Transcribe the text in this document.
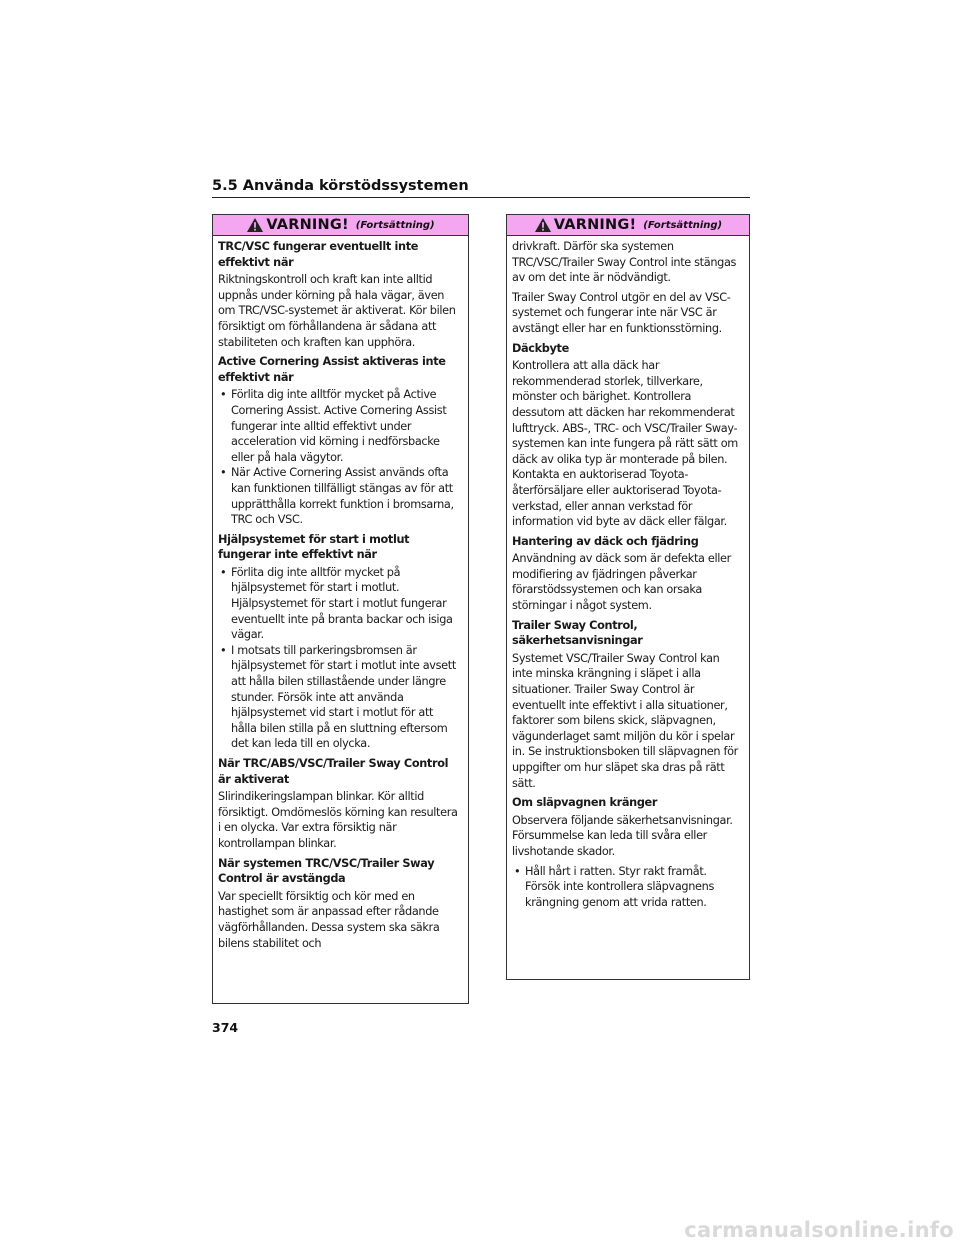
5.5 Använda körstödssystemen
VARNING! (Fortsättning)
TRC/VSC fungerar eventuellt inte effektivt när

Riktningskontroll och kraft kan inte alltid uppnås under körning på hala vägar, även om TRC/VSC-systemet är aktiverat. Kör bilen försiktigt om förhållandena är sådana att stabiliteten och kraften kan upphöra.

Active Cornering Assist aktiveras inte effektivt när
• Förlita dig inte alltför mycket på Active Cornering Assist. Active Cornering Assist fungerar inte alltid effektivt under acceleration vid körning i nedförsbacke eller på hala vägytor.
• När Active Cornering Assist används ofta kan funktionen tillfälligt stängas av för att upprätthålla korrekt funktion i bromsarna, TRC och VSC.
Hjälpsystemet för start i motlut fungerar inte effektivt när
• Förlita dig inte alltför mycket på hjälpsystemet för start i motlut. Hjälpsystemet för start i motlut fungerar eventuellt inte på branta backar och isiga vägar.
• I motsats till parkeringsbromsen är hjälpsystemet för start i motlut inte avsett att hålla bilen stillastående under längre stunder. Försök inte att använda hjälpsystemet vid start i motlut för att hålla bilen stilla på en sluttning eftersom det kan leda till en olycka.
När TRC/ABS/VSC/Trailer Sway Control är aktiverat

Slirindikeringslampan blinkar. Kör alltid försiktigt. Omdömeslös körning kan resultera i en olycka. Var extra försiktig när kontrollampan blinkar.

När systemen TRC/VSC/Trailer Sway Control är avstängda

Var speciellt försiktig och kör med en hastighet som är anpassad efter rådande vägförhållanden. Dessa system ska säkra bilens stabilitet och

VARNING! (Fortsättning)

drivkraft. Därför ska systemen TRC/VSC/Trailer Sway Control inte stängas av om det inte är nödvändigt.

Trailer Sway Control utgör en del av VSC-systemet och fungerar inte när VSC är avstängt eller har en funktionsstörning.

Däckbyte

Kontrollera att alla däck har rekommenderad storlek, tillverkare, mönster och bärighet. Kontrollera dessutom att däcken har rekommenderat lufttryck. ABS-, TRC- och VSC/Trailer Sway-systemen kan inte fungera på rätt sätt om däck av olika typ är monterade på bilen. Kontakta en auktoriserad Toyota-återförsäljare eller auktoriserad Toyota-verkstad, eller annan verkstad för information vid byte av däck eller fälgar.

Hantering av däck och fjädring

Användning av däck som är defekta eller modifiering av fjädringen påverkar förarstödssystemen och kan orsaka störningar i något system.

Trailer Sway Control, säkerhetsanvisningar

Systemet VSC/Trailer Sway Control kan inte minska krängning i släpet i alla situationer. Trailer Sway Control är eventuellt inte effektivt i alla situationer, faktorer som bilens skick, släpvagnen, vägunderlaget samt miljön du kör i spelar in. Se instruktionsboken till släpvagnen för uppgifter om hur släpet ska dras på rätt sätt.

Om släpvagnen kränger

Observera följande säkerhetsanvisningar. Försummelse kan leda till svåra eller livshotande skador.

• Håll hårt i ratten. Styr rakt framåt. Försök inte kontrollera släpvagnens krängning genom att vrida ratten.
374
carmanualsonline.info
